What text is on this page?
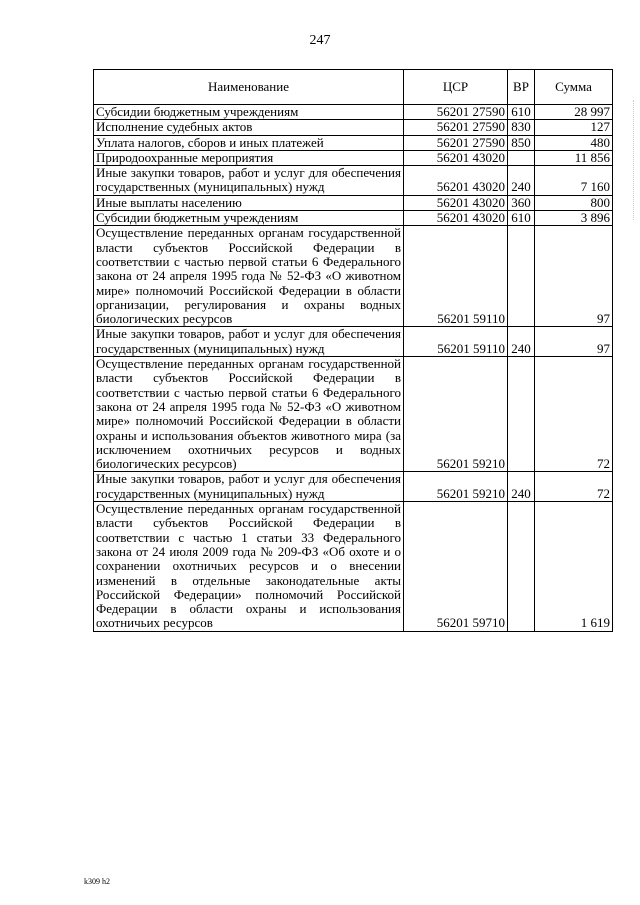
247
Наименование	ЦСР	ВР	Сумма
Субсидии бюджетным учреждениям	56201 27590	610	28 997
Исполнение судебных актов	56201 27590	830	127
Уплата налогов, сборов и иных платежей	56201 27590	850	480
Природоохранные мероприятия	56201 43020		11 856
Иные закупки товаров, работ и услуг для обеспечения государственных (муниципальных) нужд	56201 43020	240	7 160
Иные выплаты населению	56201 43020	360	800
Субсидии бюджетным учреждениям	56201 43020	610	3 896
Осуществление переданных органам государственной власти субъектов Российской Федерации в соответствии с частью первой статьи 6 Федерального закона от 24 апреля 1995 года № 52-ФЗ «О животном мире» полномочий Российской Федерации в области организации, регулирования и охраны водных биологических ресурсов	56201 59110		97
Иные закупки товаров, работ и услуг для обеспечения государственных (муниципальных) нужд	56201 59110	240	97
Осуществление переданных органам государственной власти субъектов Российской Федерации в соответствии с частью первой статьи 6 Федерального закона от 24 апреля 1995 года № 52-ФЗ «О животном мире» полномочий Российской Федерации в области охраны и использования объектов животного мира (за исключением охотничьих ресурсов и водных биологических ресурсов)	56201 59210		72
Иные закупки товаров, работ и услуг для обеспечения государственных (муниципальных) нужд	56201 59210	240	72
Осуществление переданных органам государственной власти субъектов Российской Федерации в соответствии с частью 1 статьи 33 Федерального закона от 24 июля 2009 года № 209-ФЗ «Об охоте и о сохранении охотничьих ресурсов и о внесении изменений в отдельные законодательные акты Российской Федерации» полномочий Российской Федерации в области охраны и использования охотничьих ресурсов	56201 59710		1 619
k309 h2
